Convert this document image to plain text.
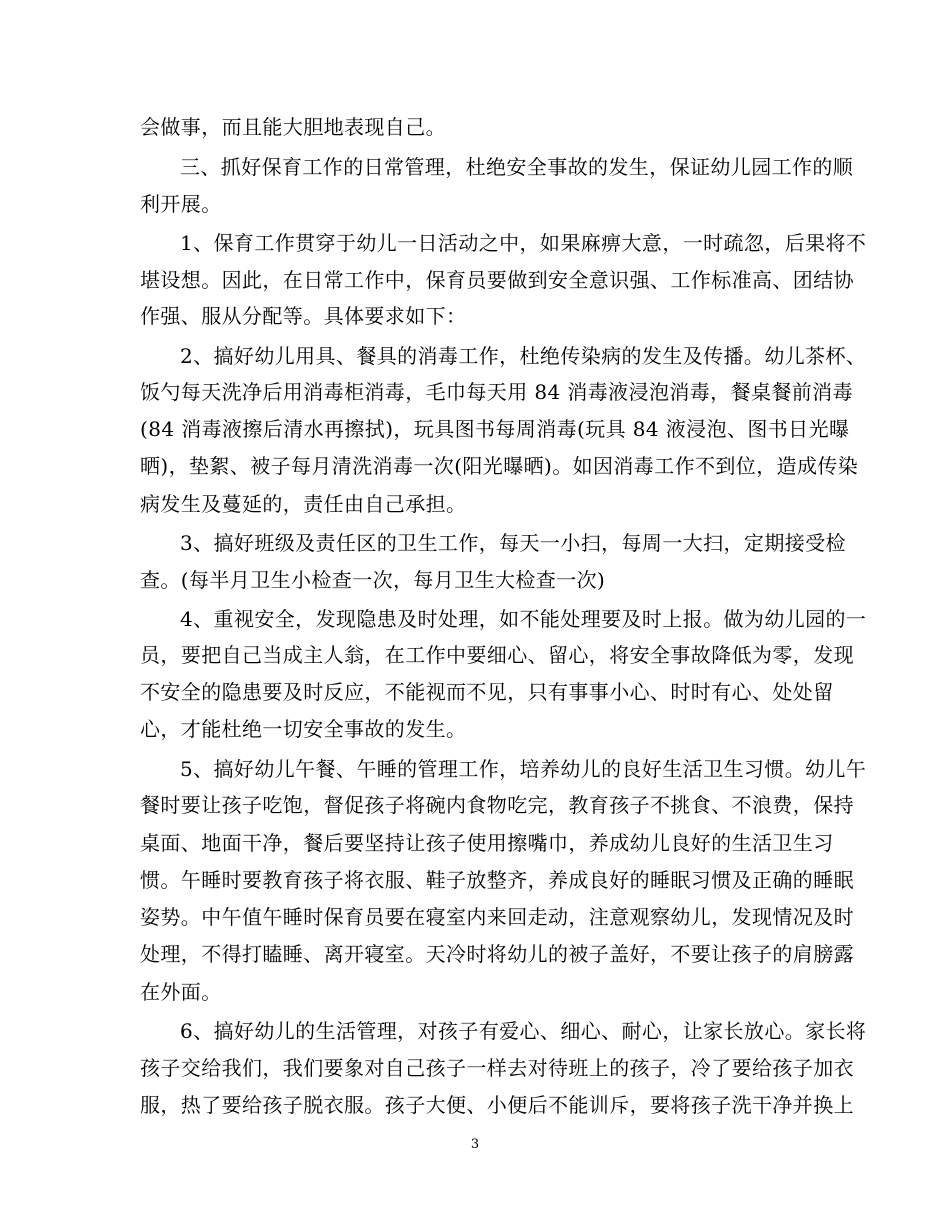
会做事，而且能大胆地表现自己。
三、抓好保育工作的日常管理，杜绝安全事故的发生，保证幼儿园工作的顺
利开展。
1、保育工作贯穿于幼儿一日活动之中，如果麻痹大意，一时疏忽，后果将不
堪设想。因此，在日常工作中，保育员要做到安全意识强、工作标准高、团结协
作强、服从分配等。具体要求如下：
2、搞好幼儿用具、餐具的消毒工作，杜绝传染病的发生及传播。幼儿茶杯、
饭勺每天洗净后用消毒柜消毒，毛巾每天用 84 消毒液浸泡消毒，餐桌餐前消毒
(84 消毒液擦后清水再擦拭)，玩具图书每周消毒(玩具 84 液浸泡、图书日光曝
晒)，垫絮、被子每月清洗消毒一次(阳光曝晒)。如因消毒工作不到位，造成传染
病发生及蔓延的，责任由自己承担。
3、搞好班级及责任区的卫生工作，每天一小扫，每周一大扫，定期接受检
查。(每半月卫生小检查一次，每月卫生大检查一次)
4、重视安全，发现隐患及时处理，如不能处理要及时上报。做为幼儿园的一
员，要把自己当成主人翁，在工作中要细心、留心，将安全事故降低为零，发现
不安全的隐患要及时反应，不能视而不见，只有事事小心、时时有心、处处留
心，才能杜绝一切安全事故的发生。
5、搞好幼儿午餐、午睡的管理工作，培养幼儿的良好生活卫生习惯。幼儿午
餐时要让孩子吃饱，督促孩子将碗内食物吃完，教育孩子不挑食、不浪费，保持
桌面、地面干净，餐后要坚持让孩子使用擦嘴巾，养成幼儿良好的生活卫生习
惯。午睡时要教育孩子将衣服、鞋子放整齐，养成良好的睡眠习惯及正确的睡眠
姿势。中午值午睡时保育员要在寝室内来回走动，注意观察幼儿，发现情况及时
处理，不得打瞌睡、离开寝室。天冷时将幼儿的被子盖好，不要让孩子的肩膀露
在外面。
6、搞好幼儿的生活管理，对孩子有爱心、细心、耐心，让家长放心。家长将
孩子交给我们，我们要象对自己孩子一样去对待班上的孩子，冷了要给孩子加衣
服，热了要给孩子脱衣服。孩子大便、小便后不能训斥，要将孩子洗干净并换上
3
